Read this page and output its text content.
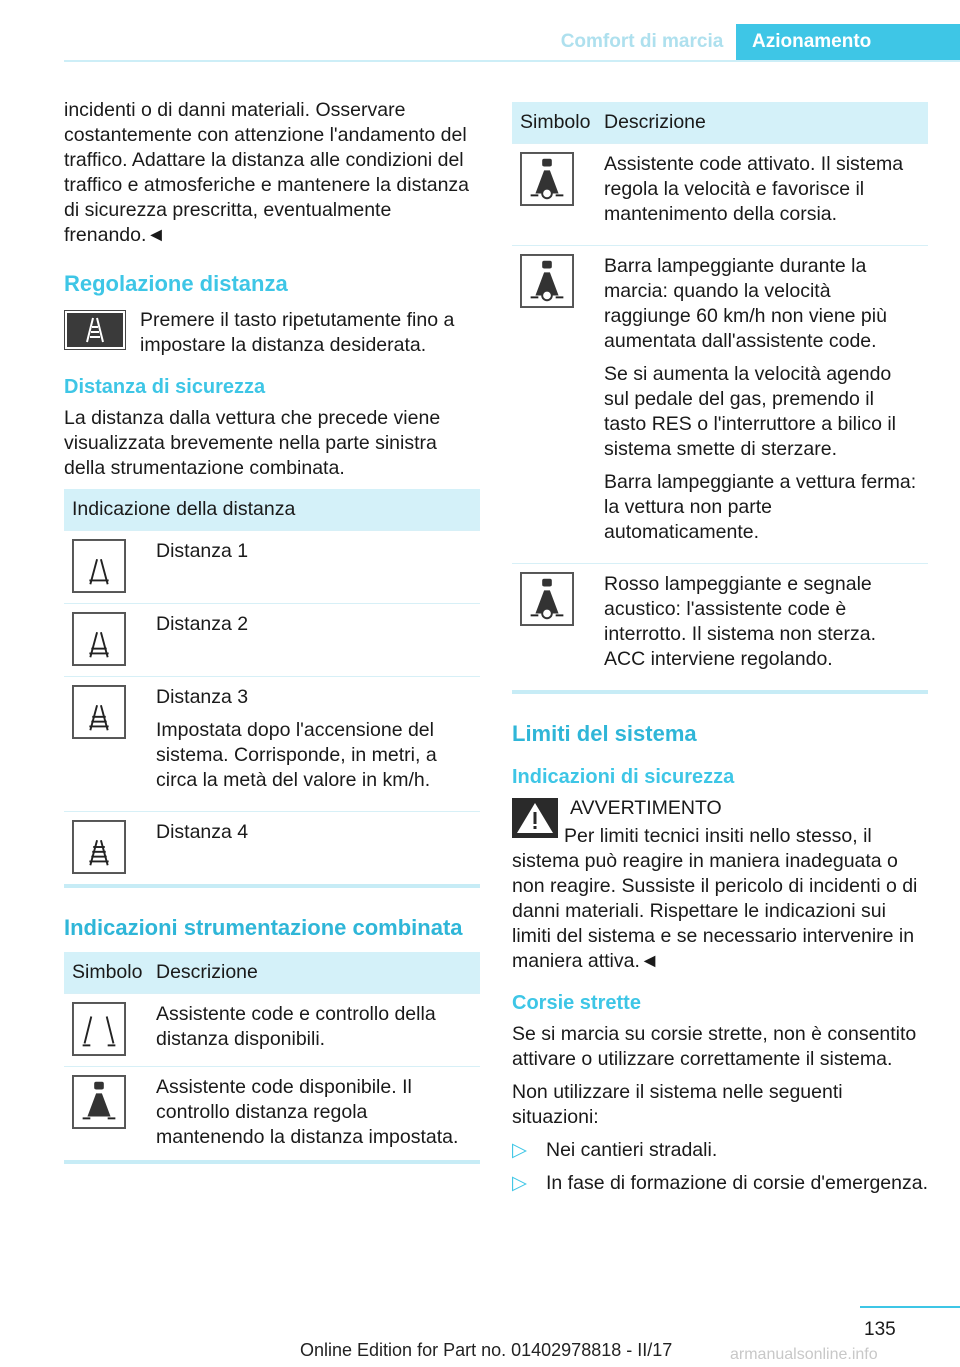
Comfort di marcia	Azionamento

incidenti o di danni materiali. Osservare costantemente con attenzione l'andamento del traffico. Adattare la distanza alle condizioni del traffico e atmosferiche e mantenere la distanza di sicurezza prescritta, eventualmente frenando.◄

Regolazione distanza
Premere il tasto ripetutamente fino a impostare la distanza desiderata.
Distanza di sicurezza

La distanza dalla vettura che precede viene visualizzata brevemente nella parte sinistra della strumentazione combinata.

Indicazione della distanza	

	Distanza 1

	Distanza 2

Distanza 3

Impostata dopo l'accensione del sistema. Corrisponde, in metri, a circa la metà del valore in km/h.

	Distanza 4
Indicazioni strumentazione combinata
Simbolo	Descrizione

	Assistente code e controllo della distanza disponibili.

	Assistente code disponibile. Il controllo distanza regola mantenendo la distanza impostata.
Simbolo	Descrizione

Assistente code attivato. Il sistema regola la velocità e favorisce il mantenimento della corsia.

Barra lampeggiante durante la marcia: quando la velocità raggiunge 60 km/h non viene più aumentata dall'assistente code.

Se si aumenta la velocità agendo sul pedale del gas, premendo il tasto RES o l'interruttore a bilico il sistema smette di sterzare.

Barra lampeggiante a vettura ferma: la vettura non parte automaticamente.

Rosso lampeggiante e segnale acustico: l'assistente code è interrotto. Il sistema non sterza. ACC interviene regolando.

Limiti del sistema
Indicazioni di sicurezza
AVVERTIMENTO

Per limiti tecnici insiti nello stesso, il sistema può reagire in maniera inadeguata o non reagire. Sussiste il pericolo di incidenti o di danni materiali. Rispettare le indicazioni sui limiti del sistema e se necessario intervenire in maniera attiva.◄

Corsie strette

Se si marcia su corsie strette, non è consentito attivare o utilizzare correttamente il sistema.

Non utilizzare il sistema nelle seguenti situazioni:

▷ Nei cantieri stradali.
▷ In fase di formazione di corsie d'emergenza.
135
Online Edition for Part no. 01402978818 - II/17	armanualsonline.info
